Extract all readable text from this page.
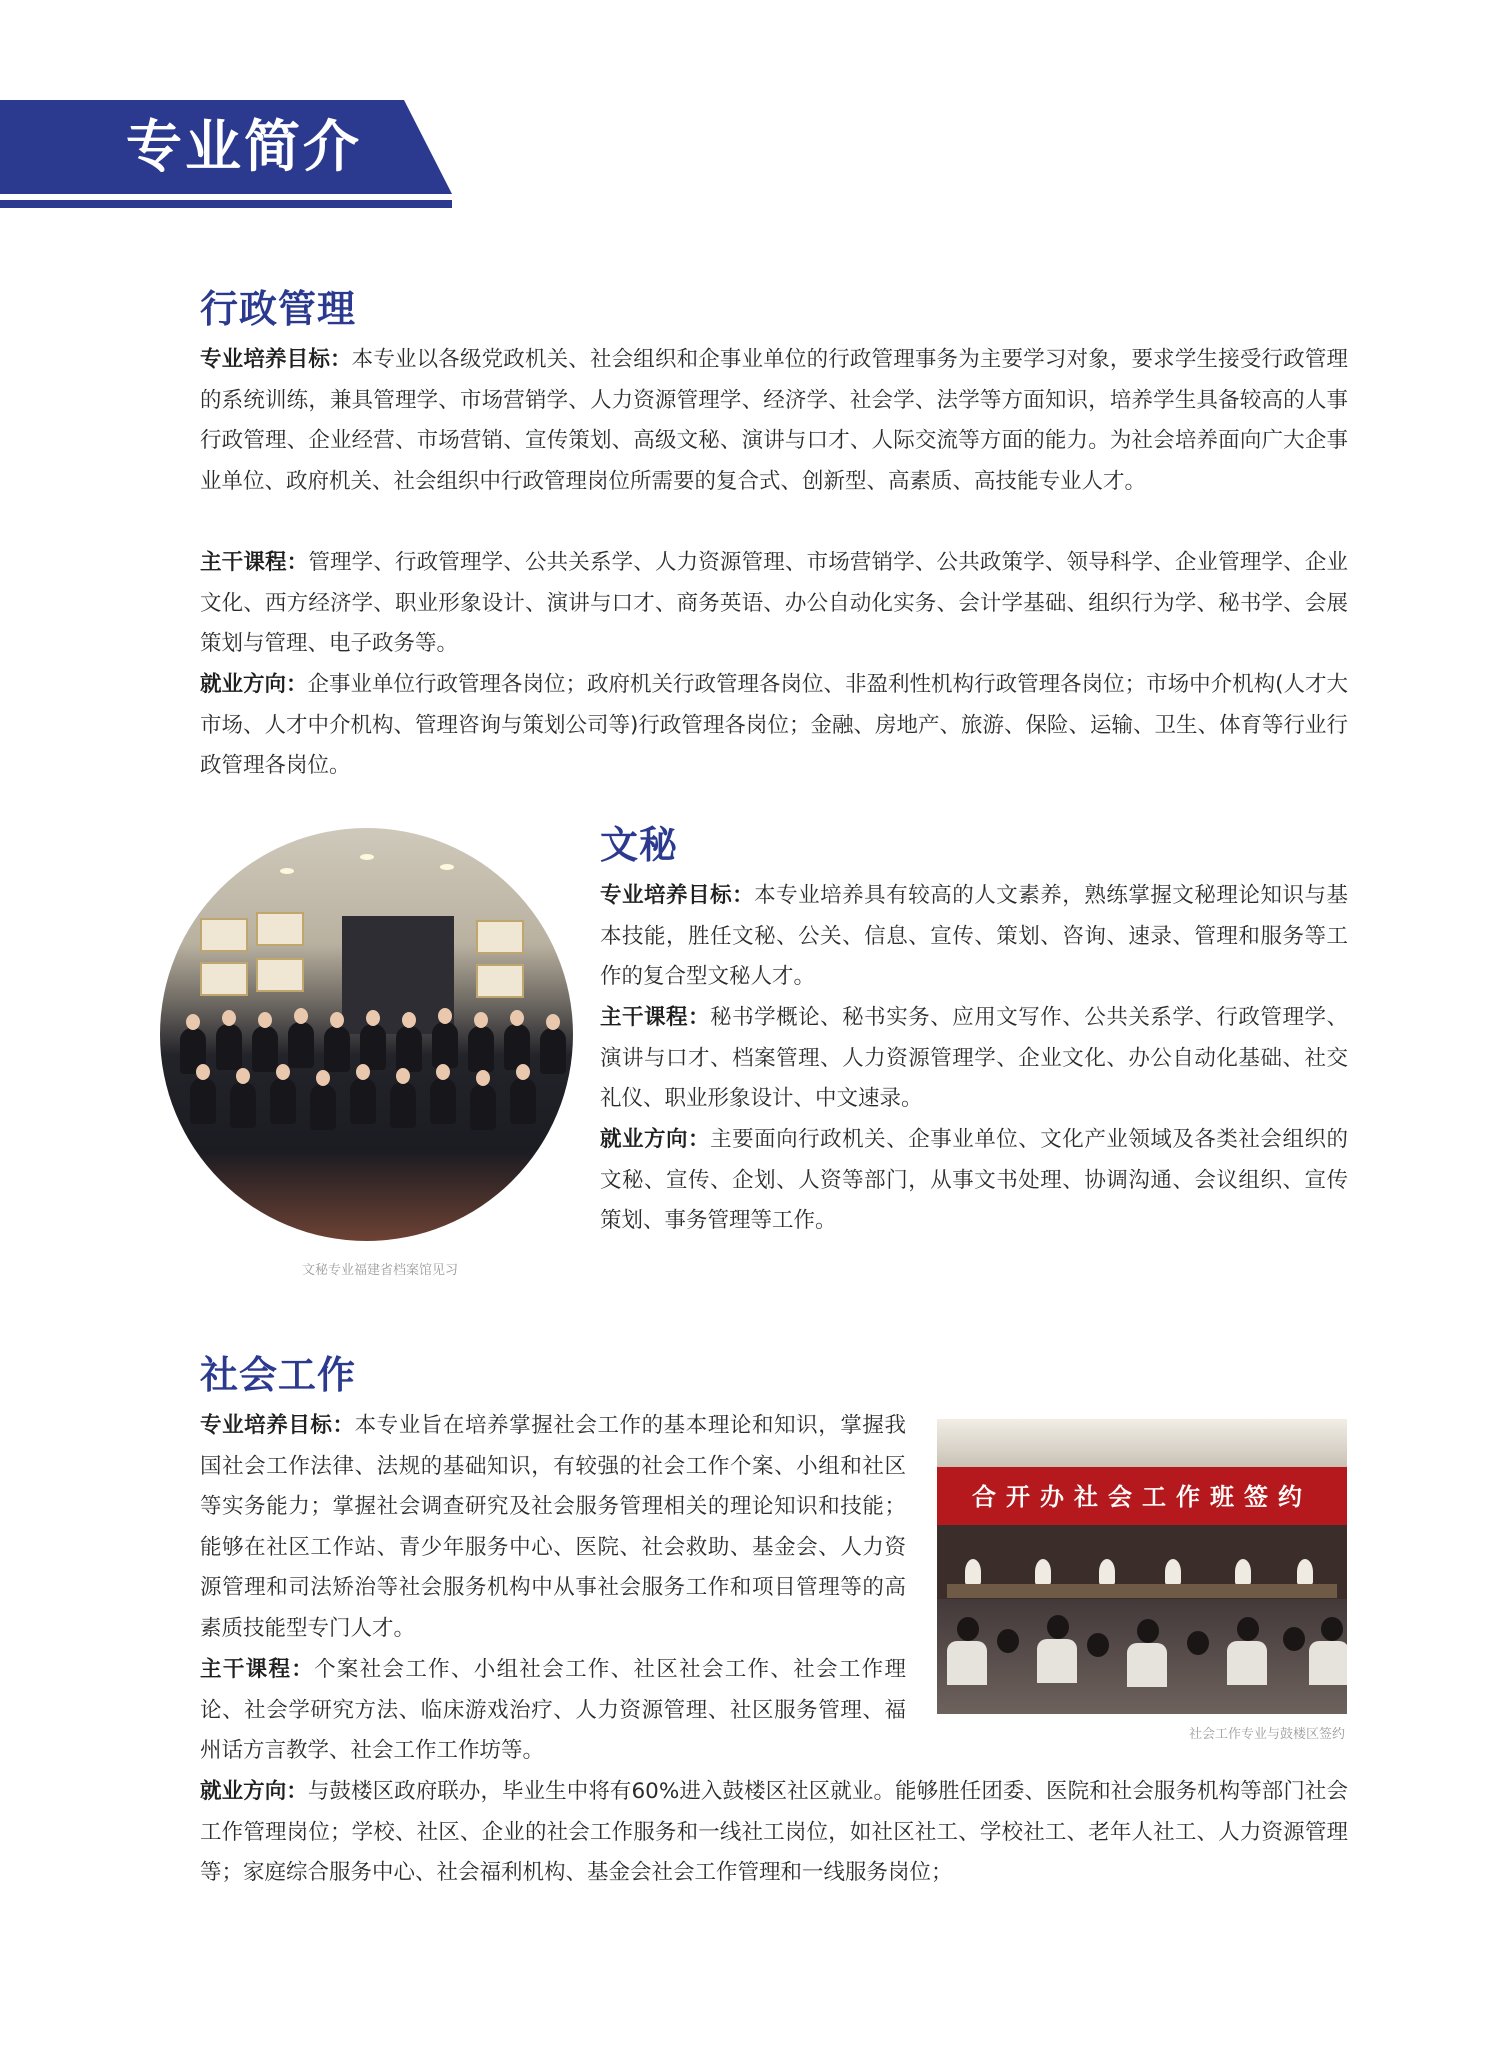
专业简介
行政管理

专业培养目标：本专业以各级党政机关、社会组织和企事业单位的行政管理事务为主要学习对象，要求学生接受行政管理的系统训练，兼具管理学、市场营销学、人力资源管理学、经济学、社会学、法学等方面知识，培养学生具备较高的人事行政管理、企业经营、市场营销、宣传策划、高级文秘、演讲与口才、人际交流等方面的能力。为社会培养面向广大企事业单位、政府机关、社会组织中行政管理岗位所需要的复合式、创新型、高素质、高技能专业人才。

主干课程：管理学、行政管理学、公共关系学、人力资源管理、市场营销学、公共政策学、领导科学、企业管理学、企业文化、西方经济学、职业形象设计、演讲与口才、商务英语、办公自动化实务、会计学基础、组织行为学、秘书学、会展策划与管理、电子政务等。

就业方向：企事业单位行政管理各岗位；政府机关行政管理各岗位、非盈利性机构行政管理各岗位；市场中介机构(人才大市场、人才中介机构、管理咨询与策划公司等)行政管理各岗位；金融、房地产、旅游、保险、运输、卫生、体育等行业行政管理各岗位。

文秘专业福建省档案馆见习
文秘

专业培养目标：本专业培养具有较高的人文素养，熟练掌握文秘理论知识与基本技能，胜任文秘、公关、信息、宣传、策划、咨询、速录、管理和服务等工作的复合型文秘人才。

主干课程：秘书学概论、秘书实务、应用文写作、公共关系学、行政管理学、演讲与口才、档案管理、人力资源管理学、企业文化、办公自动化基础、社交礼仪、职业形象设计、中文速录。

就业方向：主要面向行政机关、企事业单位、文化产业领域及各类社会组织的文秘、宣传、企划、人资等部门，从事文书处理、协调沟通、会议组织、宣传策划、事务管理等工作。

社会工作

专业培养目标：本专业旨在培养掌握社会工作的基本理论和知识，掌握我国社会工作法律、法规的基础知识，有较强的社会工作个案、小组和社区等实务能力；掌握社会调查研究及社会服务管理相关的理论知识和技能；能够在社区工作站、青少年服务中心、医院、社会救助、基金会、人力资源管理和司法矫治等社会服务机构中从事社会服务工作和项目管理等的高素质技能型专门人才。

主干课程：个案社会工作、小组社会工作、社区社会工作、社会工作理论、社会学研究方法、临床游戏治疗、人力资源管理、社区服务管理、福州话方言教学、社会工作工作坊等。

就业方向：与鼓楼区政府联办，毕业生中将有60%进入鼓楼区社区就业。能够胜任团委、医院和社会服务机构等部门社会工作管理岗位；学校、社区、企业的社会工作服务和一线社工岗位，如社区社工、学校社工、老年人社工、人力资源管理等；家庭综合服务中心、社会福利机构、基金会社会工作管理和一线服务岗位；

合开办社会工作班签约
社会工作专业与鼓楼区签约
